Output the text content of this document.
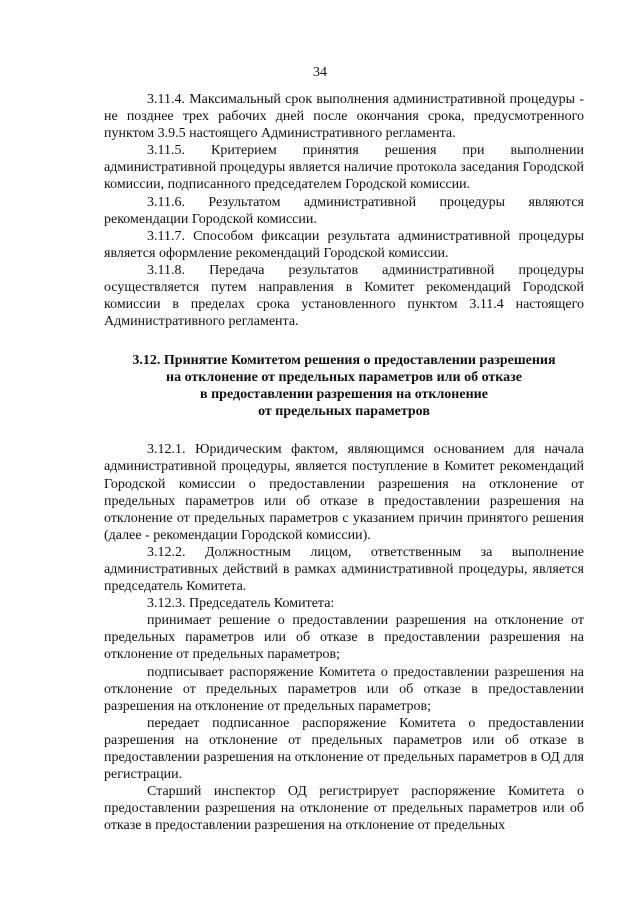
34

3.11.4. Максимальный срок выполнения административной процедуры - не позднее трех рабочих дней после окончания срока, предусмотренного пунктом 3.9.5 настоящего Административного регламента.

3.11.5. Критерием принятия решения при выполнении административной процедуры является наличие протокола заседания Городской комиссии, подписанного председателем Городской комиссии.

3.11.6. Результатом административной процедуры являются рекомендации Городской комиссии.

3.11.7. Способом фиксации результата административной процедуры является оформление рекомендаций Городской комиссии.

3.11.8. Передача результатов административной процедуры осуществляется путем направления в Комитет рекомендаций Городской комиссии в пределах срока установленного пунктом 3.11.4 настоящего Административного регламента.

3.12. Принятие Комитетом решения о предоставлении разрешения
на отклонение от предельных параметров или об отказе
в предоставлении разрешения на отклонение
от предельных параметров

3.12.1. Юридическим фактом, являющимся основанием для начала административной процедуры, является поступление в Комитет рекомендаций Городской комиссии о предоставлении разрешения на отклонение от предельных параметров или об отказе в предоставлении разрешения на отклонение от предельных параметров с указанием причин принятого решения (далее - рекомендации Городской комиссии).

3.12.2. Должностным лицом, ответственным за выполнение административных действий в рамках административной процедуры, является председатель Комитета.

3.12.3. Председатель Комитета:

принимает решение о предоставлении разрешения на отклонение от предельных параметров или об отказе в предоставлении разрешения на отклонение от предельных параметров;

подписывает распоряжение Комитета о предоставлении разрешения на отклонение от предельных параметров или об отказе в предоставлении разрешения на отклонение от предельных параметров;

передает подписанное распоряжение Комитета о предоставлении разрешения на отклонение от предельных параметров или об отказе в предоставлении разрешения на отклонение от предельных параметров в ОД для регистрации.

Старший инспектор ОД регистрирует распоряжение Комитета о предоставлении разрешения на отклонение от предельных параметров или об отказе в предоставлении разрешения на отклонение от предельных
